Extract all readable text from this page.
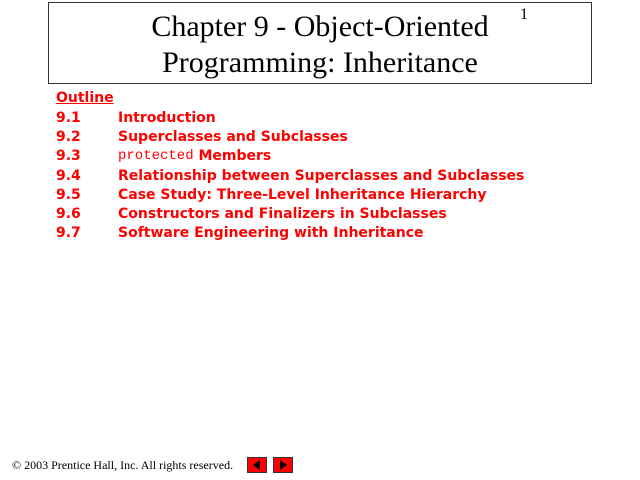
Chapter 9 - Object-Oriented
Programming: Inheritance
1
Outline
9.1	Introduction
9.2	Superclasses and Subclasses
9.3	protected Members
9.4	Relationship between Superclasses and Subclasses
9.5	Case Study: Three-Level Inheritance Hierarchy
9.6	Constructors and Finalizers in Subclasses
9.7	Software Engineering with Inheritance
© 2003 Prentice Hall, Inc. All rights reserved.
